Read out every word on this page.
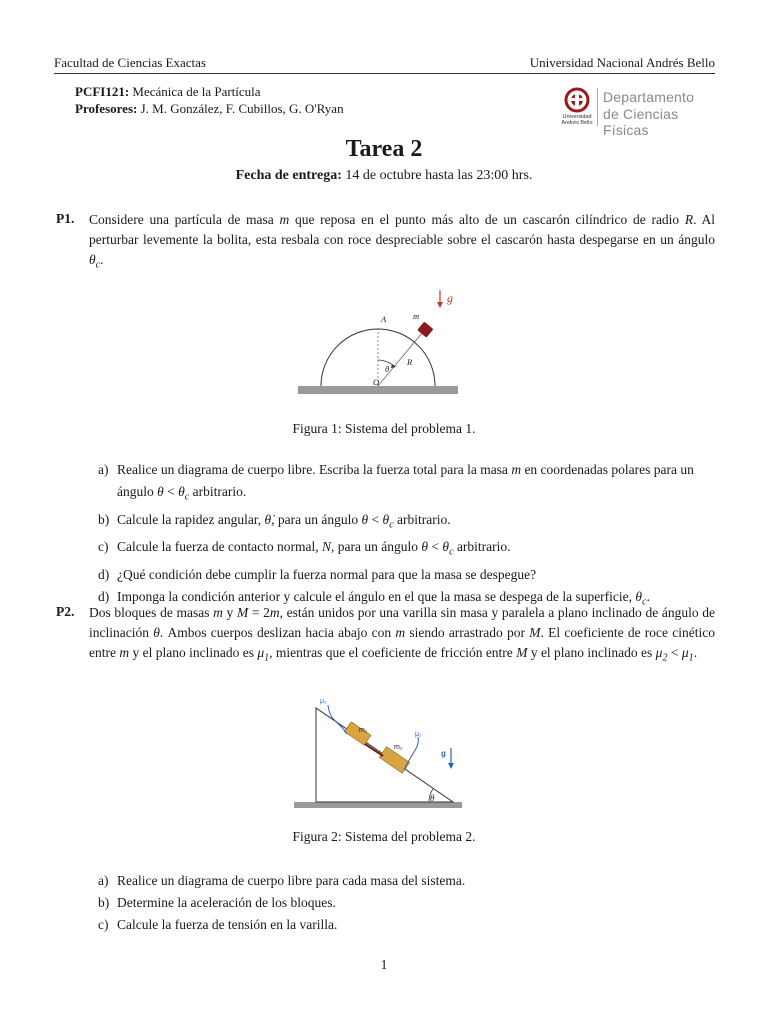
Facultad de Ciencias Exactas	Universidad Nacional Andrés Bello
PCFI121: Mecánica de la Partícula
Profesores: J. M. González, F. Cubillos, G. O'Ryan
Universidad
Andrés Bello
Departamento
de Ciencias Físicas
Tarea 2
Fecha de entrega: 14 de octubre hasta las 23:00 hrs.
P1. Considere una partícula de masa m que reposa en el punto más alto de un cascarón cilíndrico de radio R. Al perturbar levemente la bolita, esta resbala con roce despreciable sobre el cascarón hasta despegarse en un ángulo $\theta_c$.
g
A	m
R
θ
O
Figura 1: Sistema del problema 1.
a) Realice un diagrama de cuerpo libre. Escriba la fuerza total para la masa m en coordenadas polares para un ángulo $\theta < \theta_c$ arbitrario.
b) Calcule la rapidez angular, θ̇, para un ángulo $\theta < \theta_c$ arbitrario.
c) Calcule la fuerza de contacto normal, N, para un ángulo $\theta < \theta_c$ arbitrario.
d) ¿Qué condición debe cumplir la fuerza normal para que la masa se despegue?
d) Imponga la condición anterior y calcule el ángulo en el que la masa se despega de la superficie, $\theta_c$.
P2. Dos bloques de masas m y M = 2m, están unidos por una varilla sin masa y paralela a plano inclinado de ángulo de inclinación θ. Ambos cuerpos deslizan hacia abajo con m siendo arrastrado por M. El coeficiente de roce cinético entre m y el plano inclinado es $\mu_1$, mientras que el coeficiente de fricción entre M y el plano inclinado es $\mu_2 < \mu_1$.
μ₁
μ₂
m₁
m₂
g
θ
Figura 2: Sistema del problema 2.
a) Realice un diagrama de cuerpo libre para cada masa del sistema.
b) Determine la aceleración de los bloques.
c) Calcule la fuerza de tensión en la varilla.
1
